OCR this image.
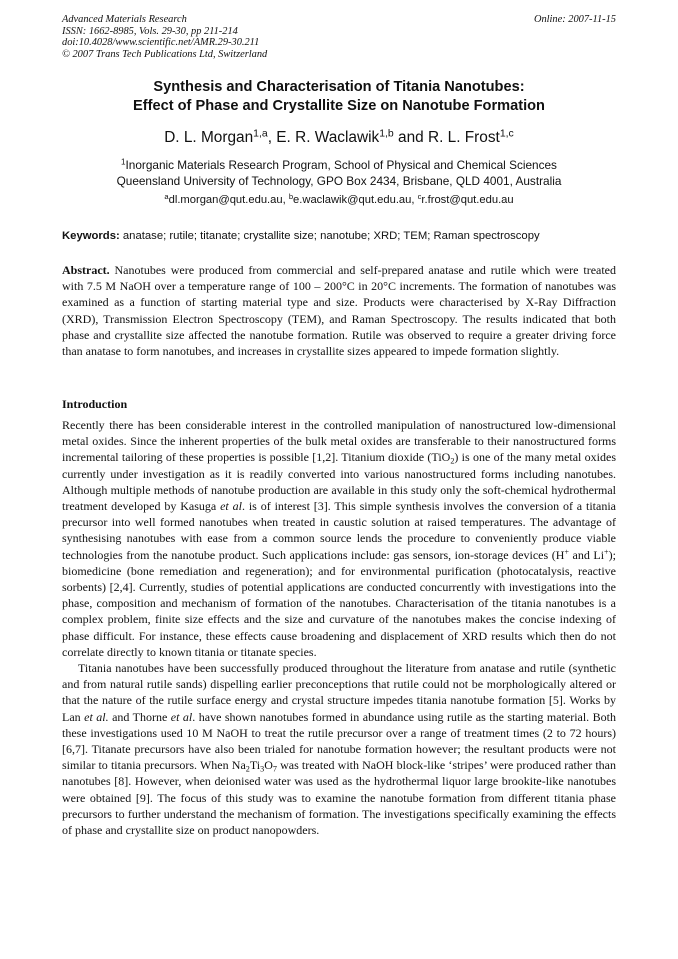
Advanced Materials Research
ISSN: 1662-8985, Vols. 29-30, pp 211-214
doi:10.4028/www.scientific.net/AMR.29-30.211
© 2007 Trans Tech Publications Ltd, Switzerland
Online: 2007-11-15
Synthesis and Characterisation of Titania Nanotubes:
Effect of Phase and Crystallite Size on Nanotube Formation
D. L. Morgan$^{1,a}$, E. R. Waclawik$^{1,b}$ and R. L. Frost$^{1,c}$
$^1$Inorganic Materials Research Program, School of Physical and Chemical Sciences
Queensland University of Technology, GPO Box 2434, Brisbane, QLD 4001, Australia
$^a$dl.morgan@qut.edu.au, $^b$e.waclawik@qut.edu.au, $^c$r.frost@qut.edu.au
Keywords: anatase; rutile; titanate; crystallite size; nanotube; XRD; TEM; Raman spectroscopy
Abstract. Nanotubes were produced from commercial and self-prepared anatase and rutile which were treated with 7.5 M NaOH over a temperature range of 100 – 200°C in 20°C increments. The formation of nanotubes was examined as a function of starting material type and size. Products were characterised by X-Ray Diffraction (XRD), Transmission Electron Spectroscopy (TEM), and Raman Spectroscopy. The results indicated that both phase and crystallite size affected the nanotube formation. Rutile was observed to require a greater driving force than anatase to form nanotubes, and increases in crystallite sizes appeared to impede formation slightly.
Introduction

Recently there has been considerable interest in the controlled manipulation of nanostructured low-dimensional metal oxides. Since the inherent properties of the bulk metal oxides are transferable to their nanostructured forms incremental tailoring of these properties is possible [1,2]. Titanium dioxide (TiO$_2$) is one of the many metal oxides currently under investigation as it is readily converted into various nanostructured forms including nanotubes. Although multiple methods of nanotube production are available in this study only the soft-chemical hydrothermal treatment developed by Kasuga et al. is of interest [3]. This simple synthesis involves the conversion of a titania precursor into well formed nanotubes when treated in caustic solution at raised temperatures. The advantage of synthesising nanotubes with ease from a common source lends the procedure to conveniently produce viable technologies from the nanotube product. Such applications include: gas sensors, ion-storage devices (H+ and Li+); biomedicine (bone remediation and regeneration); and for environmental purification (photocatalysis, reactive sorbents) [2,4]. Currently, studies of potential applications are conducted concurrently with investigations into the phase, composition and mechanism of formation of the nanotubes. Characterisation of the titania nanotubes is a complex problem, finite size effects and the size and curvature of the nanotubes makes the concise indexing of phase difficult. For instance, these effects cause broadening and displacement of XRD results which then do not correlate directly to known titania or titanate species.

Titania nanotubes have been successfully produced throughout the literature from anatase and rutile (synthetic and from natural rutile sands) dispelling earlier preconceptions that rutile could not be morphologically altered or that the nature of the rutile surface energy and crystal structure impedes titania nanotube formation [5]. Works by Lan et al. and Thorne et al. have shown nanotubes formed in abundance using rutile as the starting material. Both these investigations used 10 M NaOH to treat the rutile precursor over a range of treatment times (2 to 72 hours) [6,7]. Titanate precursors have also been trialed for nanotube formation however; the resultant products were not similar to titania precursors. When $Na_2Ti_3O_7$ was treated with NaOH block-like ‘stripes’ were produced rather than nanotubes [8]. However, when deionised water was used as the hydrothermal liquor large brookite-like nanotubes were obtained [9]. The focus of this study was to examine the nanotube formation from different titania phase precursors to further understand the mechanism of formation. The investigations specifically examining the effects of phase and crystallite size on product nanopowders.
